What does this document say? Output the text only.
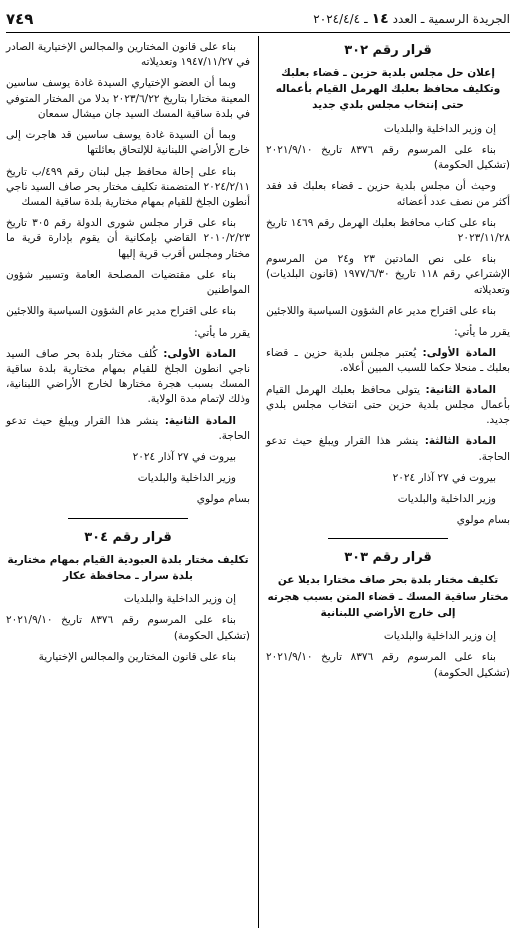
الجريدة الرسمية ـ العدد
١٤
ـ
٢٠٢٤/٤/٤
٧٤٩
قرار رقم ٣٠٢
إعلان حل مجلس بلدية حزين ـ قضاء بعلبك وتكليف محافظ بعلبك الهرمل القيام بأعماله حتى إنتخاب مجلس بلدي جديد

إن وزير الداخلية والبلديات

بناء على المرسوم رقم ٨٣٧٦ تاريخ ٢٠٢١/٩/١٠ (تشكيل الحكومة)

وحيث أن مجلس بلدية حزين ـ قضاء بعلبك قد فقد أكثر من نصف عدد أعضائه

بناء على كتاب محافظ بعلبك الهرمل رقم ١٤٦٩ تاريخ ٢٠٢٣/١١/٢٨

بناء على نص المادتين ٢٣ و٢٤ من المرسوم الإشتراعي رقم ١١٨ تاريخ ١٩٧٧/٦/٣٠ (قانون البلديات) وتعديلاته

بناء على اقتراح مدير عام الشؤون السياسية واللاجئين

يقرر ما يأتي:

المادة الأولى: يُعتبر مجلس بلدية حزين ـ قضاء بعلبك ـ منحلا حكما للسبب المبين أعلاه.

المادة الثانية: يتولى محافظ بعلبك الهرمل القيام بأعمال مجلس بلدية حزين حتى انتخاب مجلس بلدي جديد.

المادة الثالثة: ينشر هذا القرار ويبلغ حيث تدعو الحاجة.

بيروت في ٢٧ آذار ٢٠٢٤

وزير الداخلية والبلديات

بسام مولوي

قرار رقم ٣٠٣
تكليف مختار بلدة بحر صاف مختارا بديلا عن مختار ساقية المسك ـ قضاء المتن بسبب هجرته إلى خارج الأراضي اللبنانية

إن وزير الداخلية والبلديات

بناء على المرسوم رقم ٨٣٧٦ تاريخ ٢٠٢١/٩/١٠ (تشكيل الحكومة)

بناء على قانون المختارين والمجالس الإختيارية الصادر في ١٩٤٧/١١/٢٧ وتعديلاته

وبما أن العضو الإختياري السيدة غادة يوسف ساسين المعينة مختارا بتاريخ ٢٠٢٣/٦/٢٢ بدلا من المختار المتوفي في بلدة ساقية المسك السيد جان ميشال سمعان

وبما أن السيدة غادة يوسف ساسين قد هاجرت إلى خارج الأراضي اللبنانية للإلتحاق بعائلتها

بناء على إحالة محافظ جبل لبنان رقم ٤٩٩/ب تاريخ ٢٠٢٤/٢/١١ المتضمنة تكليف مختار بحر صاف السيد ناجي أنطون الجلخ للقيام بمهام مختارية بلدة ساقية المسك

بناء على قرار مجلس شورى الدولة رقم ٣٠٥ تاريخ ٢٠١٠/٢/٢٣ القاضي بإمكانية أن يقوم بإدارة قرية ما مختار ومجلس أقرب قرية إليها

بناء على مقتضيات المصلحة العامة وتسيير شؤون المواطنين

بناء على اقتراح مدير عام الشؤون السياسية واللاجئين

يقرر ما يأتي:

المادة الأولى: كُلف مختار بلدة بحر صاف السيد ناجي انطون الجلخ للقيام بمهام مختارية بلدة ساقية المسك بسبب هجرة مختارها لخارج الأراضي اللبنانية، وذلك لإتمام مدة الولاية.

المادة الثانية: ينشر هذا القرار ويبلغ حيث تدعو الحاجة.

بيروت في ٢٧ آذار ٢٠٢٤

وزير الداخلية والبلديات

بسام مولوي

قرار رقم ٣٠٤
تكليف مختار بلدة العبودية القيام بمهام مختارية بلدة سرار ـ محافظة عكار

إن وزير الداخلية والبلديات

بناء على المرسوم رقم ٨٣٧٦ تاريخ ٢٠٢١/٩/١٠ (تشكيل الحكومة)

بناء على قانون المختارين والمجالس الإختيارية
